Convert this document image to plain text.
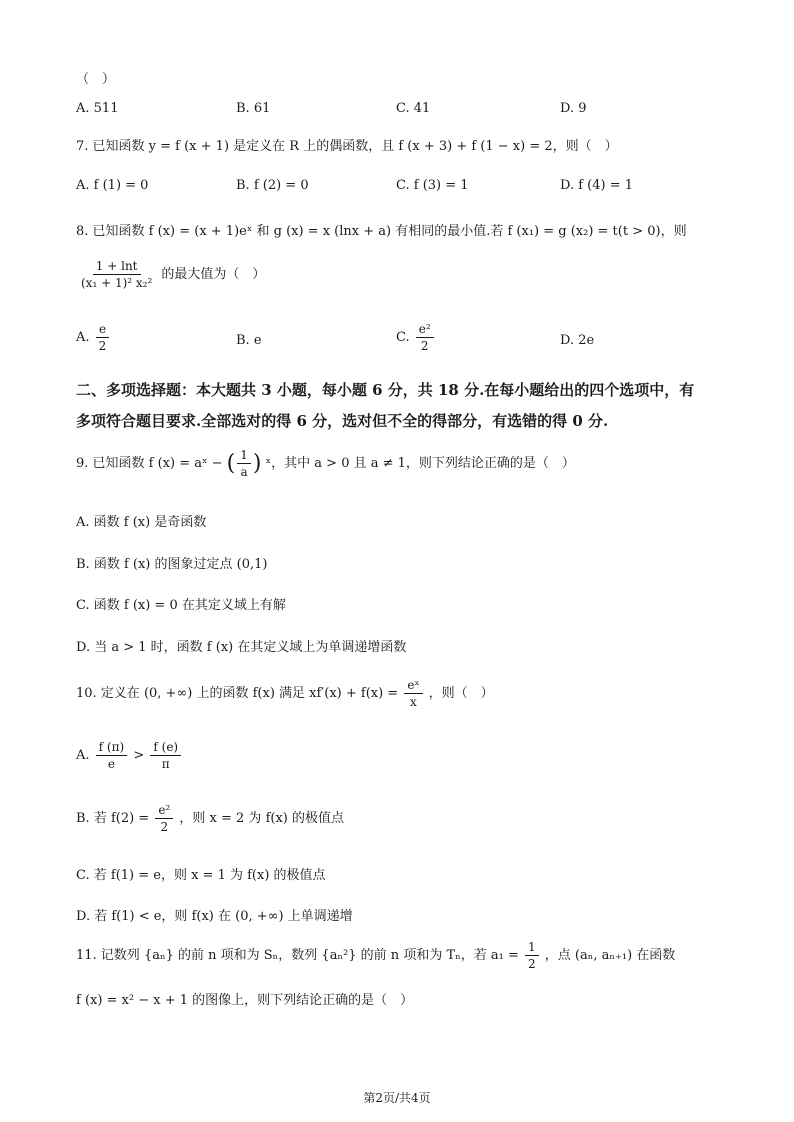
（　）
A. 511	B. 61	C. 41	D. 9
7. 已知函数 y = f (x + 1) 是定义在 R 上的偶函数，且 f (x + 3) + f (1 − x) = 2，则（　）
A. f (1) = 0	B. f (2) = 0	C. f (3) = 1	D. f (4) = 1
8. 已知函数 f (x) = (x + 1)eˣ 和 g (x) = x (lnx + a) 有相同的最小值.若 f (x₁) = g (x₂) = t(t > 0)，则
$\frac{1 + \ln t}{\text{(x₁ + 1)² x₂²}}$ 的最大值为（　）
A. $\frac{e}{2}$	B. e	C. $\frac{\text{e²}}{2}$	D. 2e
二、多项选择题：本大题共 3 小题，每小题 6 分，共 18 分.在每小题给出的四个选项中，有
多项符合题目要求.全部选对的得 6 分，选对但不全的得部分，有选错的得 0 分.
9. 已知函数 f (x) = aˣ − ( $\frac{1}{a}$ ) ˣ，其中 a > 0 且 a ≠ 1，则下列结论正确的是（　）
A. 函数 f (x) 是奇函数
B. 函数 f (x) 的图象过定点 (0,1)
C. 函数 f (x) = 0 在其定义域上有解
D. 当 a > 1 时，函数 f (x) 在其定义域上为单调递增函数
10. 定义在 (0, +∞) 上的函数 f(x) 满足 $xf'(x) + f(x) = \frac{\text{eˣ}}{x}$ ，则（　）
A. $\frac{f (\pi)}{e} > \frac{f (e)}{\pi}$
B. 若 $f(2) = \frac{\text{e²}}{2}$ ，则 x = 2 为 f(x) 的极值点
C. 若 f(1) = e，则 x = 1 为 f(x) 的极值点
D. 若 f(1) < e，则 f(x) 在 (0, +∞) 上单调递增
11. 记数列 {aₙ} 的前 n 项和为 Sₙ，数列 {aₙ²} 的前 n 项和为 Tₙ，若 $a_1 = \frac{1}{2}$ ，点 (aₙ, aₙ₊₁) 在函数
f (x) = x² − x + 1 的图像上，则下列结论正确的是（　）
第2页/共4页
